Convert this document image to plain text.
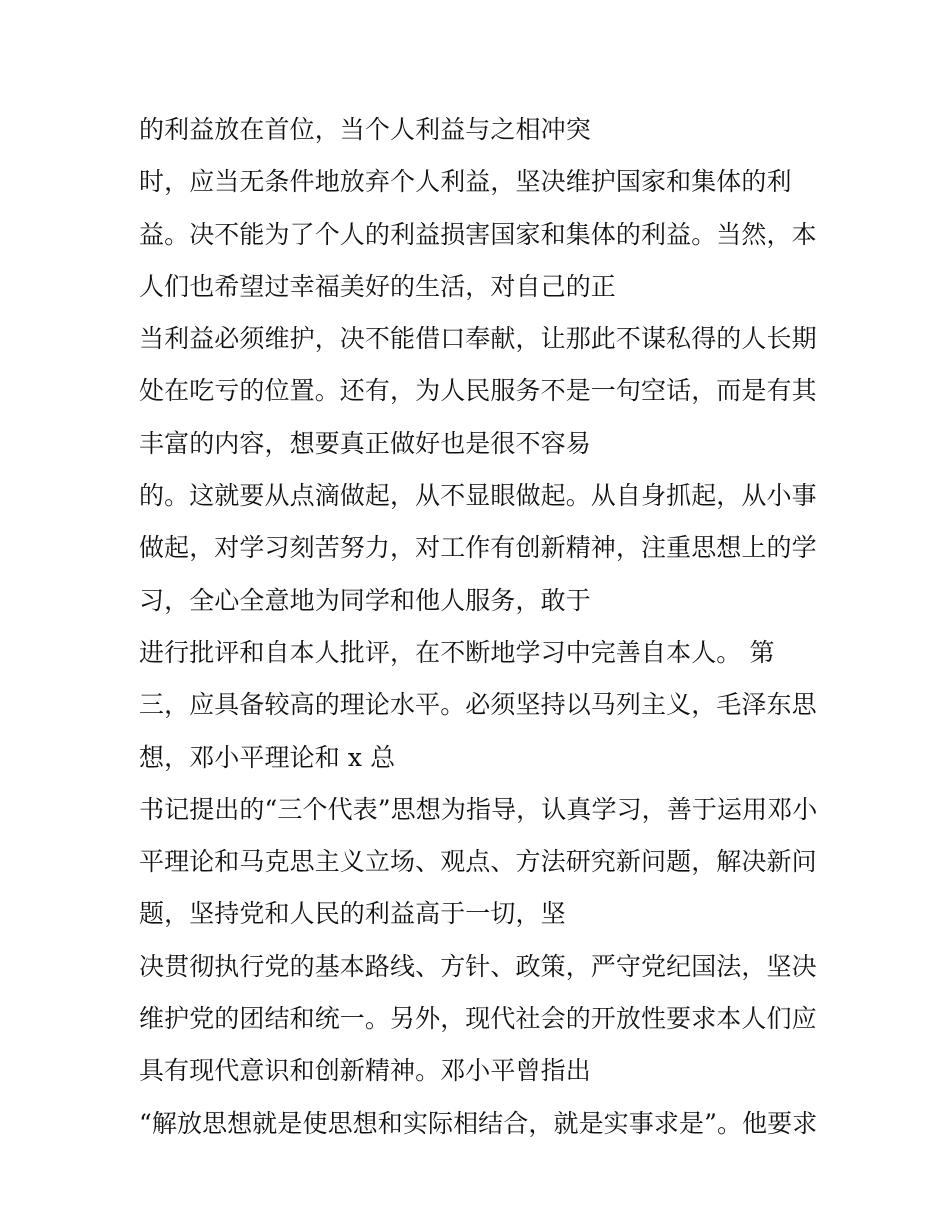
的利益放在首位，当个人利益与之相冲突
时，应当无条件地放弃个人利益，坚决维护国家和集体的利
益。决不能为了个人的利益损害国家和集体的利益。当然，本
人们也希望过幸福美好的生活，对自己的正
当利益必须维护，决不能借口奉献，让那此不谋私得的人长期
处在吃亏的位置。还有，为人民服务不是一句空话，而是有其
丰富的内容，想要真正做好也是很不容易
的。这就要从点滴做起，从不显眼做起。从自身抓起，从小事
做起，对学习刻苦努力，对工作有创新精神，注重思想上的学
习，全心全意地为同学和他人服务，敢于
进行批评和自本人批评，在不断地学习中完善自本人。 第
三，应具备较高的理论水平。必须坚持以马列主义，毛泽东思
想，邓小平理论和 x 总
书记提出的“三个代表”思想为指导，认真学习，善于运用邓小
平理论和马克思主义立场、观点、方法研究新问题，解决新问
题，坚持党和人民的利益高于一切，坚
决贯彻执行党的基本路线、方针、政策，严守党纪国法，坚决
维护党的团结和统一。另外，现代社会的开放性要求本人们应
具有现代意识和创新精神。邓小平曾指出
“解放思想就是使思想和实际相结合，就是实事求是”。他要求
